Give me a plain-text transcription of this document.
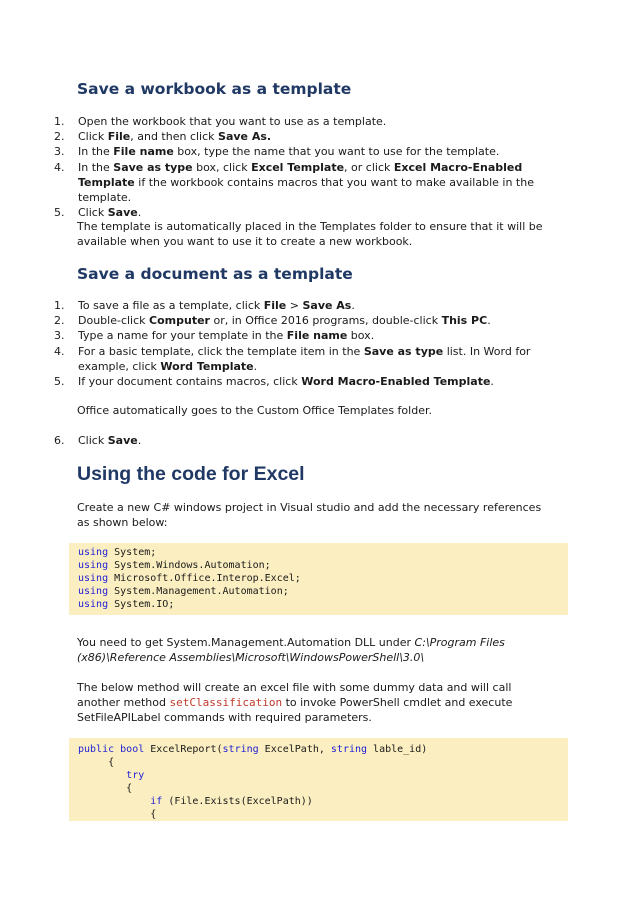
Save a workbook as a template
1. Open the workbook that you want to use as a template.
2. Click File, and then click Save As.
3. In the File name box, type the name that you want to use for the template.
4. In the Save as type box, click Excel Template, or click Excel Macro-Enabled Template if the workbook contains macros that you want to make available in the template.
5. Click Save.

The template is automatically placed in the Templates folder to ensure that it will be available when you want to use it to create a new workbook.

Save a document as a template
1. To save a file as a template, click File > Save As.
2. Double-click Computer or, in Office 2016 programs, double-click This PC.
3. Type a name for your template in the File name box.
4. For a basic template, click the template item in the Save as type list. In Word for example, click Word Template.
5. If your document contains macros, click Word Macro-Enabled Template.

Office automatically goes to the Custom Office Templates folder.

6. Click Save.
Using the code for Excel

Create a new C# windows project in Visual studio and add the necessary references as shown below:

using System;
using System.Windows.Automation;
using Microsoft.Office.Interop.Excel;
using System.Management.Automation;
using System.IO;

You need to get System.Management.Automation DLL under C:\Program Files (x86)\Reference Assemblies\Microsoft\WindowsPowerShell\3.0\

The below method will create an excel file with some dummy data and will call another method setClassification to invoke PowerShell cmdlet and execute SetFileAPILabel commands with required parameters.

public bool ExcelReport(string ExcelPath, string lable_id)
{
try
{
if (File.Exists(ExcelPath))
{
